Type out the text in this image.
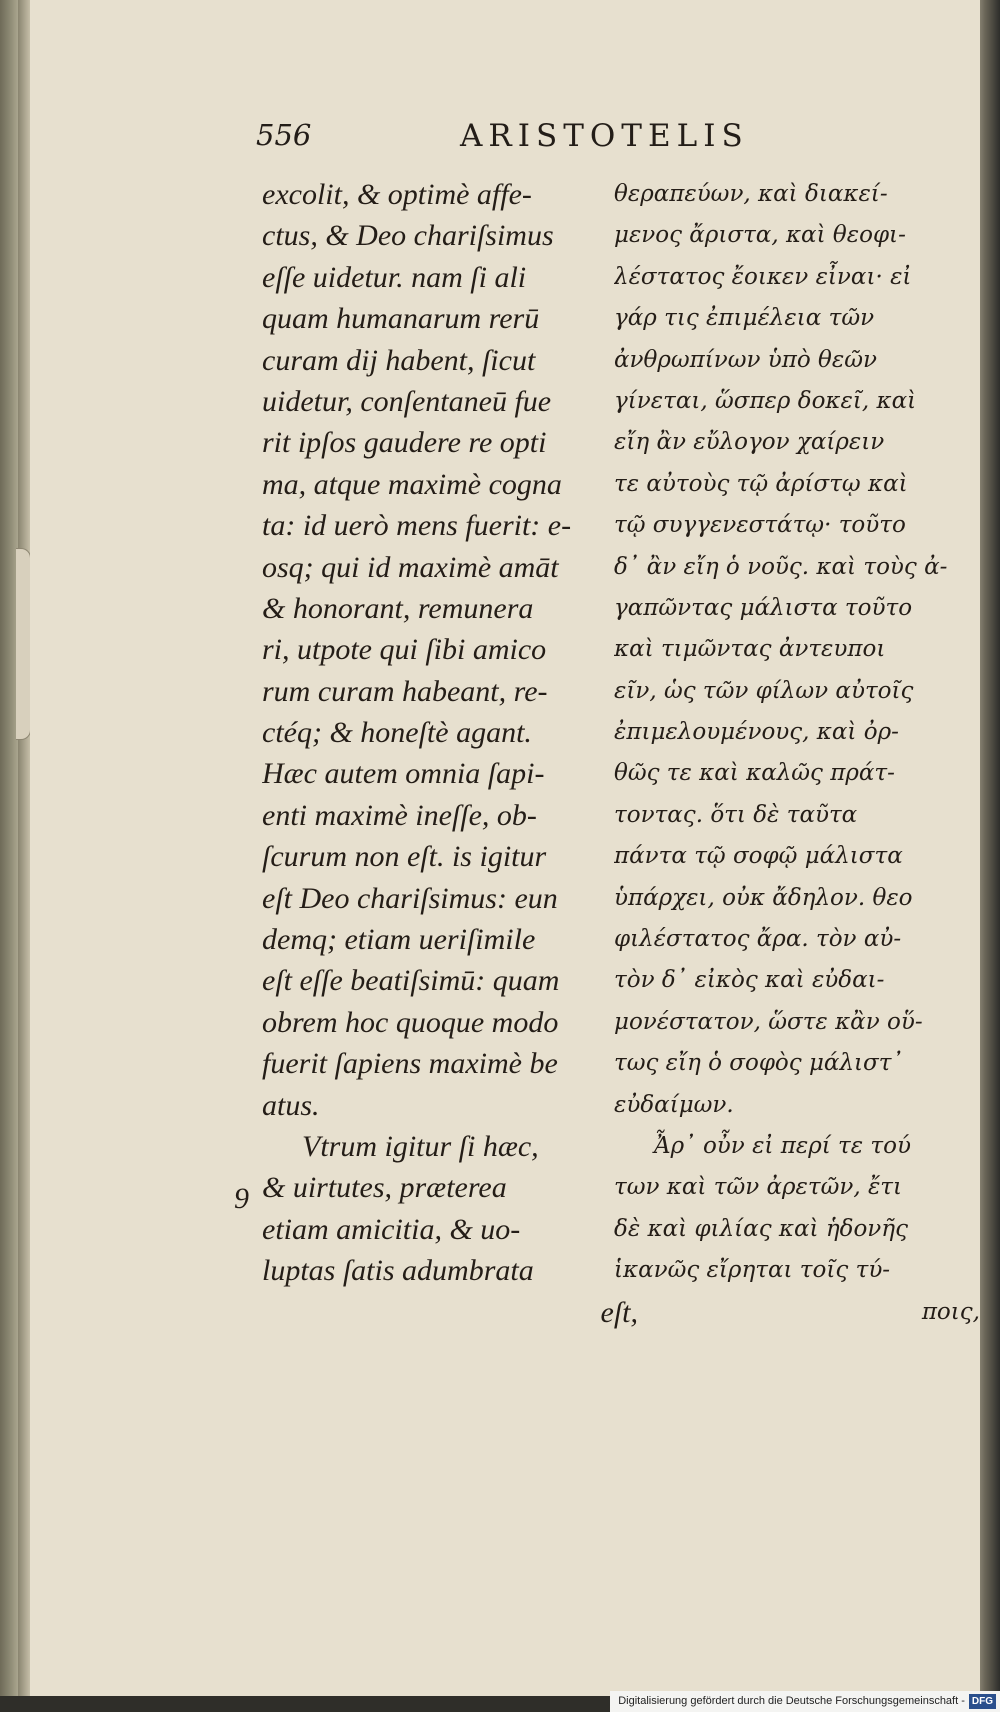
556	ARISTOTELIS
9
excolit, & optimè affe-
ctus, & Deo chariſsimus
eſſe uidetur. nam ſi ali
quam humanarum rerū
curam dij habent, ſicut
uidetur, conſentaneū fue
rit ipſos gaudere re opti
ma, atque maximè cogna
ta: id uerò mens fuerit: e-
osq; qui id maximè amāt
& honorant, remunera
ri, utpote qui ſibi amico
rum curam habeant, re-
ctéq; & honeſtè agant.
Hæc autem omnia ſapi-
enti maximè ineſſe, ob-
ſcurum non eſt. is igitur
eſt Deo chariſsimus: eun
demq; etiam ueriſimile
eſt eſſe beatiſsimū: quam
obrem hoc quoque modo
fuerit ſapiens maximè be
atus.
Vtrum igitur ſi hæc,
& uirtutes, præterea
etiam amicitia, & uo-
luptas ſatis adumbrata
eſt,
θεραπεύων, καὶ διακεί-
μενος ἄριστα, καὶ θεοφι-
λέστατος ἔοικεν εἶναι· εἰ
γάρ τις ἐπιμέλεια τῶν
ἀνθρωπίνων ὑπὸ θεῶν
γίνεται, ὥσπερ δοκεῖ, καὶ
εἴη ἂν εὔλογον χαίρειν
τε αὐτοὺς τῷ ἀρίστῳ καὶ
τῷ συγγενεστάτῳ· τοῦτο
δ᾽ ἂν εἴη ὁ νοῦς. καὶ τοὺς ἀ-
γαπῶντας μάλιστα τοῦτο
καὶ τιμῶντας ἀντευποι
εῖν, ὡς τῶν φίλων αὐτοῖς
ἐπιμελουμένους, καὶ ὀρ-
θῶς τε καὶ καλῶς πράτ-
τοντας. ὅτι δὲ ταῦτα
πάντα τῷ σοφῷ μάλιστα
ὑπάρχει, οὐκ ἄδηλον. θεο
φιλέστατος ἄρα. τὸν αὐ-
τὸν δ᾽ εἰκὸς καὶ εὐδαι-
μονέστατον, ὥστε κἂν οὕ-
τως εἴη ὁ σοφὸς μάλιστ᾽
εὐδαίμων.
Ἆρ᾽ οὖν εἰ περί τε τού
των καὶ τῶν ἀρετῶν, ἔτι
δὲ καὶ φιλίας καὶ ἡδονῆς
ἱκανῶς εἴρηται τοῖς τύ-
ποις,
Digitalisierung gefördert durch die Deutsche Forschungsgemeinschaft - DFG
